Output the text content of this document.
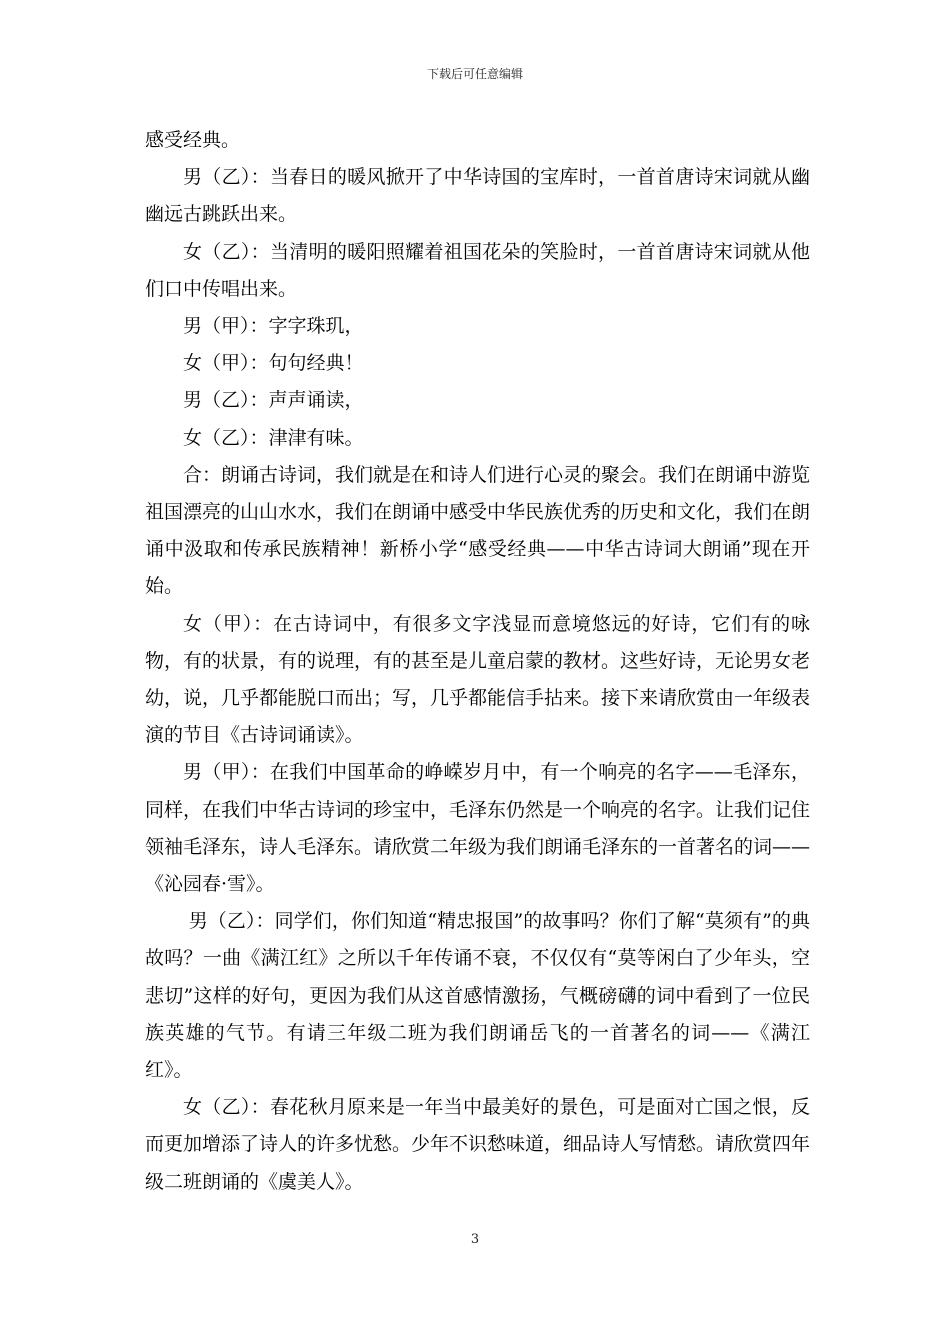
下载后可任意编辑

感受经典。

男（乙）：当春日的暖风掀开了中华诗国的宝库时，一首首唐诗宋词就从幽幽远古跳跃出来。

女（乙）：当清明的暖阳照耀着祖国花朵的笑脸时，一首首唐诗宋词就从他们口中传唱出来。

男（甲）：字字珠玑，

女（甲）：句句经典！

男（乙）：声声诵读，

女（乙）：津津有味。

合：朗诵古诗词，我们就是在和诗人们进行心灵的聚会。我们在朗诵中游览祖国漂亮的山山水水，我们在朗诵中感受中华民族优秀的历史和文化，我们在朗诵中汲取和传承民族精神！新桥小学“感受经典——中华古诗词大朗诵”现在开始。

女（甲）：在古诗词中，有很多文字浅显而意境悠远的好诗，它们有的咏物，有的状景，有的说理，有的甚至是儿童启蒙的教材。这些好诗，无论男女老幼，说，几乎都能脱口而出；写，几乎都能信手拈来。接下来请欣赏由一年级表演的节目《古诗词诵读》。

男（甲）：在我们中国革命的峥嵘岁月中，有一个响亮的名字——毛泽东，同样，在我们中华古诗词的珍宝中，毛泽东仍然是一个响亮的名字。让我们记住领袖毛泽东，诗人毛泽东。请欣赏二年级为我们朗诵毛泽东的一首著名的词——《沁园春·雪》。

男（乙）：同学们，你们知道“精忠报国”的故事吗？你们了解“莫须有”的典故吗？一曲《满江红》之所以千年传诵不衰，不仅仅有“莫等闲白了少年头，空悲切”这样的好句，更因为我们从这首感情激扬，气概磅礴的词中看到了一位民族英雄的气节。有请三年级二班为我们朗诵岳飞的一首著名的词——《满江红》。

女（乙）：春花秋月原来是一年当中最美好的景色，可是面对亡国之恨，反而更加增添了诗人的许多忧愁。少年不识愁味道，细品诗人写情愁。请欣赏四年级二班朗诵的《虞美人》。

3
